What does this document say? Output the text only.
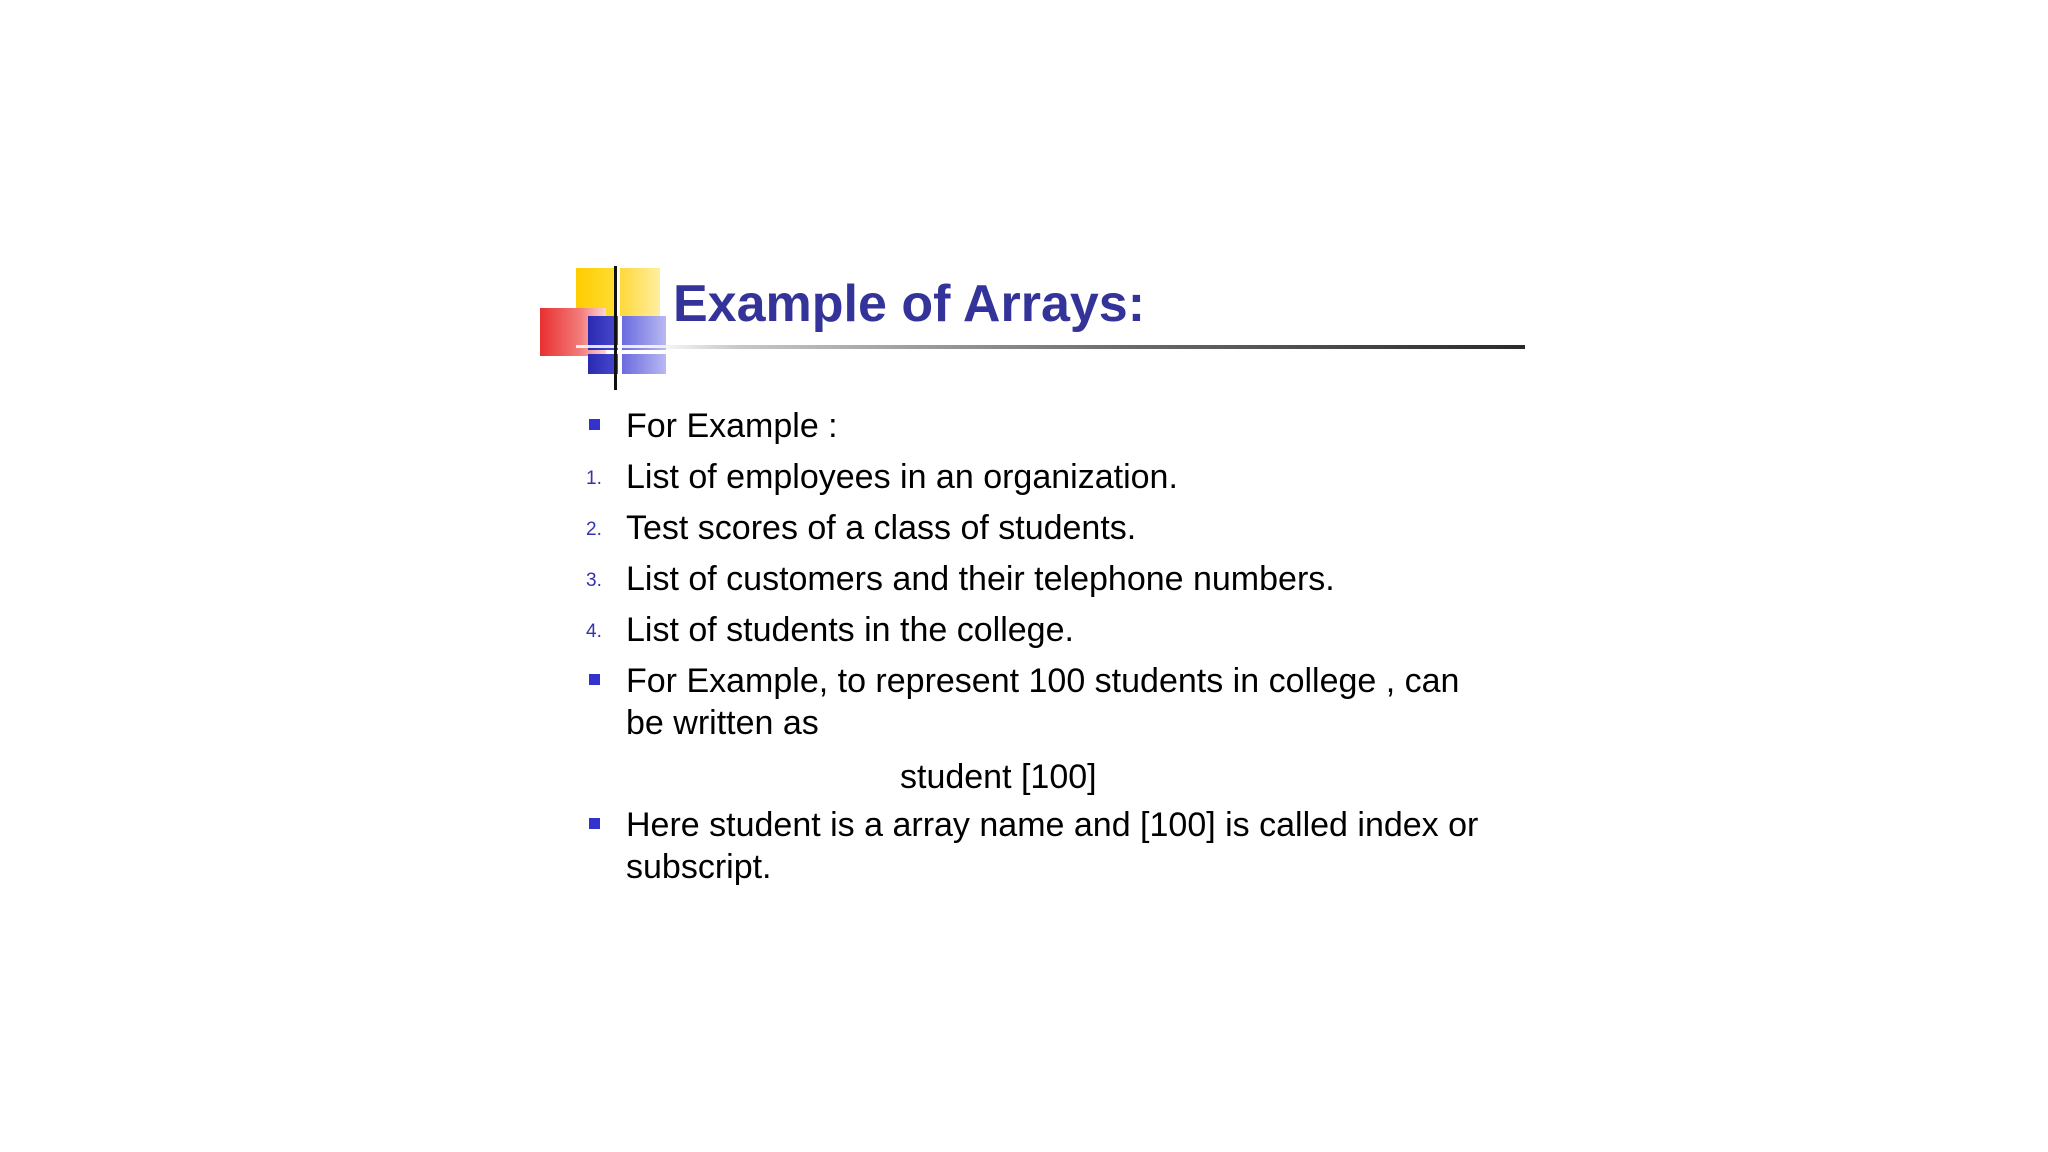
Example of Arrays:
For Example :
1. List of employees in an organization.
2. Test scores of a class of students.
3. List of customers and their telephone numbers.
4. List of students in the college.
For Example, to represent 100 students in college , can be written as
Here student is a array name and [100] is called index or subscript.
student [100]
